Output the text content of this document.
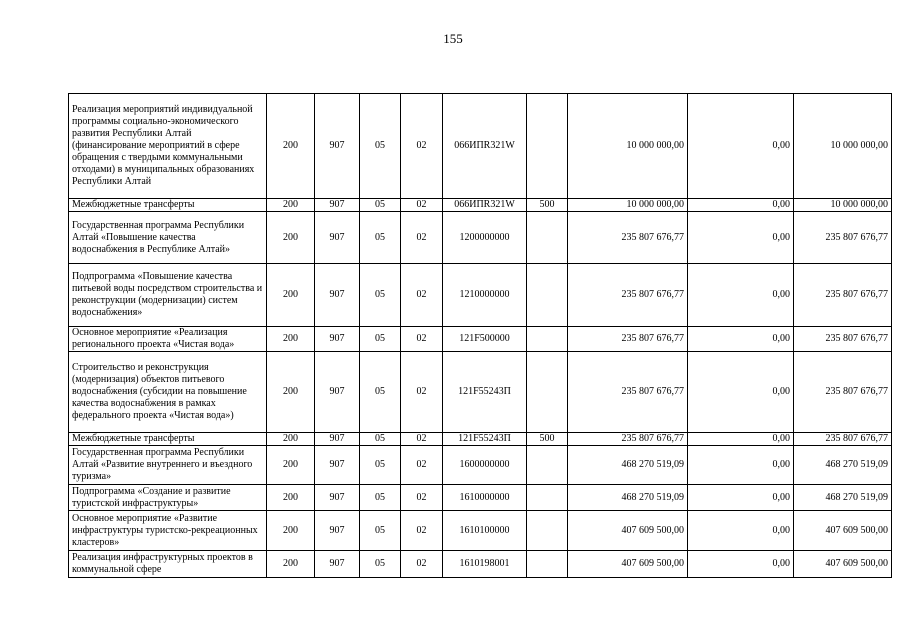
155
Реализация мероприятий индивидуальной программы социально-экономического развития Республики Алтай (финансирование мероприятий в сфере обращения с твердыми коммунальными отходами) в муниципальных образованиях Республики Алтай	200	907	05	02	066ИПR321W		10 000 000,00	0,00	10 000 000,00
Межбюджетные трансферты	200	907	05	02	066ИПR321W	500	10 000 000,00	0,00	10 000 000,00
Государственная программа Республики Алтай «Повышение качества водоснабжения в Республике Алтай»	200	907	05	02	1200000000		235 807 676,77	0,00	235 807 676,77
Подпрограмма «Повышение качества питьевой воды посредством строительства и реконструкции (модернизации) систем водоснабжения»	200	907	05	02	1210000000		235 807 676,77	0,00	235 807 676,77
Основное мероприятие «Реализация регионального проекта «Чистая вода»	200	907	05	02	121F500000		235 807 676,77	0,00	235 807 676,77
Строительство и реконструкция (модернизация) объектов питьевого водоснабжения (субсидии на повышение качества водоснабжения в рамках федерального проекта «Чистая вода»)	200	907	05	02	121F55243П		235 807 676,77	0,00	235 807 676,77
Межбюджетные трансферты	200	907	05	02	121F55243П	500	235 807 676,77	0,00	235 807 676,77
Государственная программа Республики Алтай «Развитие внутреннего и въездного туризма»	200	907	05	02	1600000000		468 270 519,09	0,00	468 270 519,09
Подпрограмма «Создание и развитие туристской инфраструктуры»	200	907	05	02	1610000000		468 270 519,09	0,00	468 270 519,09
Основное мероприятие «Развитие инфраструктуры туристско-рекреационных кластеров»	200	907	05	02	1610100000		407 609 500,00	0,00	407 609 500,00
Реализация инфраструктурных проектов в коммунальной сфере	200	907	05	02	1610198001		407 609 500,00	0,00	407 609 500,00
